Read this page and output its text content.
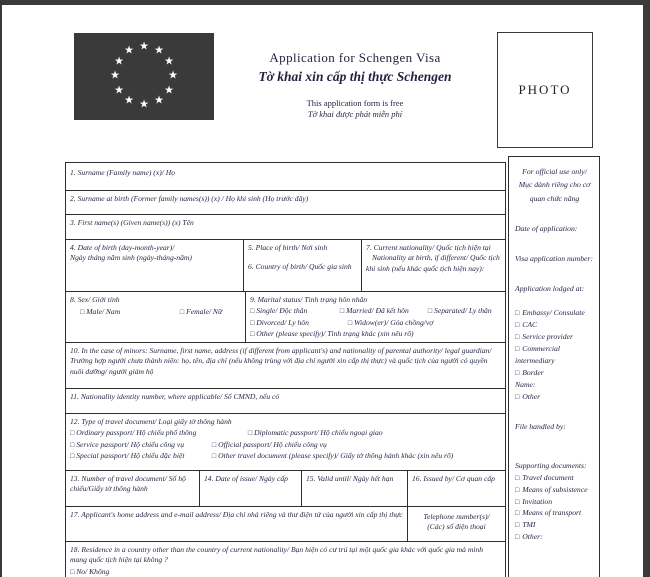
★ ★
★
★
★
★
★
★
★
★
★
★	Application for Schengen Visa
Tờ khai xin cấp thị thực Schengen
This application form is free
Tờ khai được phát miễn phí
PHOTO
1. Surname (Family name) (x)/ Họ
2. Surname at birth (Former family names(s)) (x) / Họ khi sinh (Họ trước đây)
3. First name(s) (Given name(s)) (x) Tên
4. Date of birth (day-month-year)/
Ngày tháng năm sinh (ngày-tháng-năm)
5. Place of birth/ Nơi sinh
6. Country of birth/ Quốc gia sinh
7. Current nationality/ Quốc tịch hiện tại
Nationality at birth, if different/ Quốc tịch khi sinh (nếu khác quốc tịch hiện nay):
8. Sex/ Giới tính
□ Male/ Nam	□ Female/ Nữ
9. Marital status/ Tình trạng hôn nhân
□ Single/ Độc thân	□ Married/ Đã kết hôn	□ Separated/ Ly thân
□ Divorced/ Ly hôn	□ Widow(er)/ Góa chồng/vợ
□ Other (please specify)/ Tình trạng khác (xin nêu rõ)
10. In the case of minors: Surname, first name, address (if different from applicant's) and nationality of parental authority/ legal guardian/ Trường hợp người chưa thành niên: họ, tên, địa chỉ (nếu không trùng với địa chỉ người xin cấp thị thực) và quốc tịch của người có quyền nuôi dưỡng/ người giám hộ
11. Nationality identity number, where applicable/ Số CMND, nếu có
12. Type of travel document/ Loại giấy tờ thông hành
□ Ordinary passport/ Hộ chiếu phổ thông	□ Diplomatic passport/ Hộ chiếu ngoại giao
□ Service passport/ Hộ chiếu công vụ	□ Official passport/ Hộ chiếu công vụ
□ Special passport/ Hộ chiếu đặc biệt	□ Other travel document (please specify)/ Giấy tờ thông hành khác (xin nêu rõ)
13. Number of travel document/ Số hộ chiếu/Giấy tờ thông hành
14. Date of issue/ Ngày cấp	15. Valid until/ Ngày hết hạn	16. Issued by/ Cơ quan cấp
17. Applicant's home address and e-mail address/ Địa chỉ nhà riêng và thư điện tử của người xin cấp thị thực	Telephone number(s)/
(Các) số điện thoại
18. Residence in a country other than the country of current nationality/ Bạn hiện có cư trú tại một quốc gia khác với quốc gia mà mình mang quốc tịch hiện tại không ?
□ No/ Không
For official use only/
Mục dành riêng cho cơ
quan chức năng
Date of application:
Visa application number:
Application lodged at:
□ Embassy/ Consulate
□ CAC
□ Service provider
□ Commercial intermediary
□ Border
Name:
□ Other
File handled by:
Supporting documents:
□ Travel document
□ Means of subsistence
□ Invitation
□ Means of transport
□ TMI
□ Other:
